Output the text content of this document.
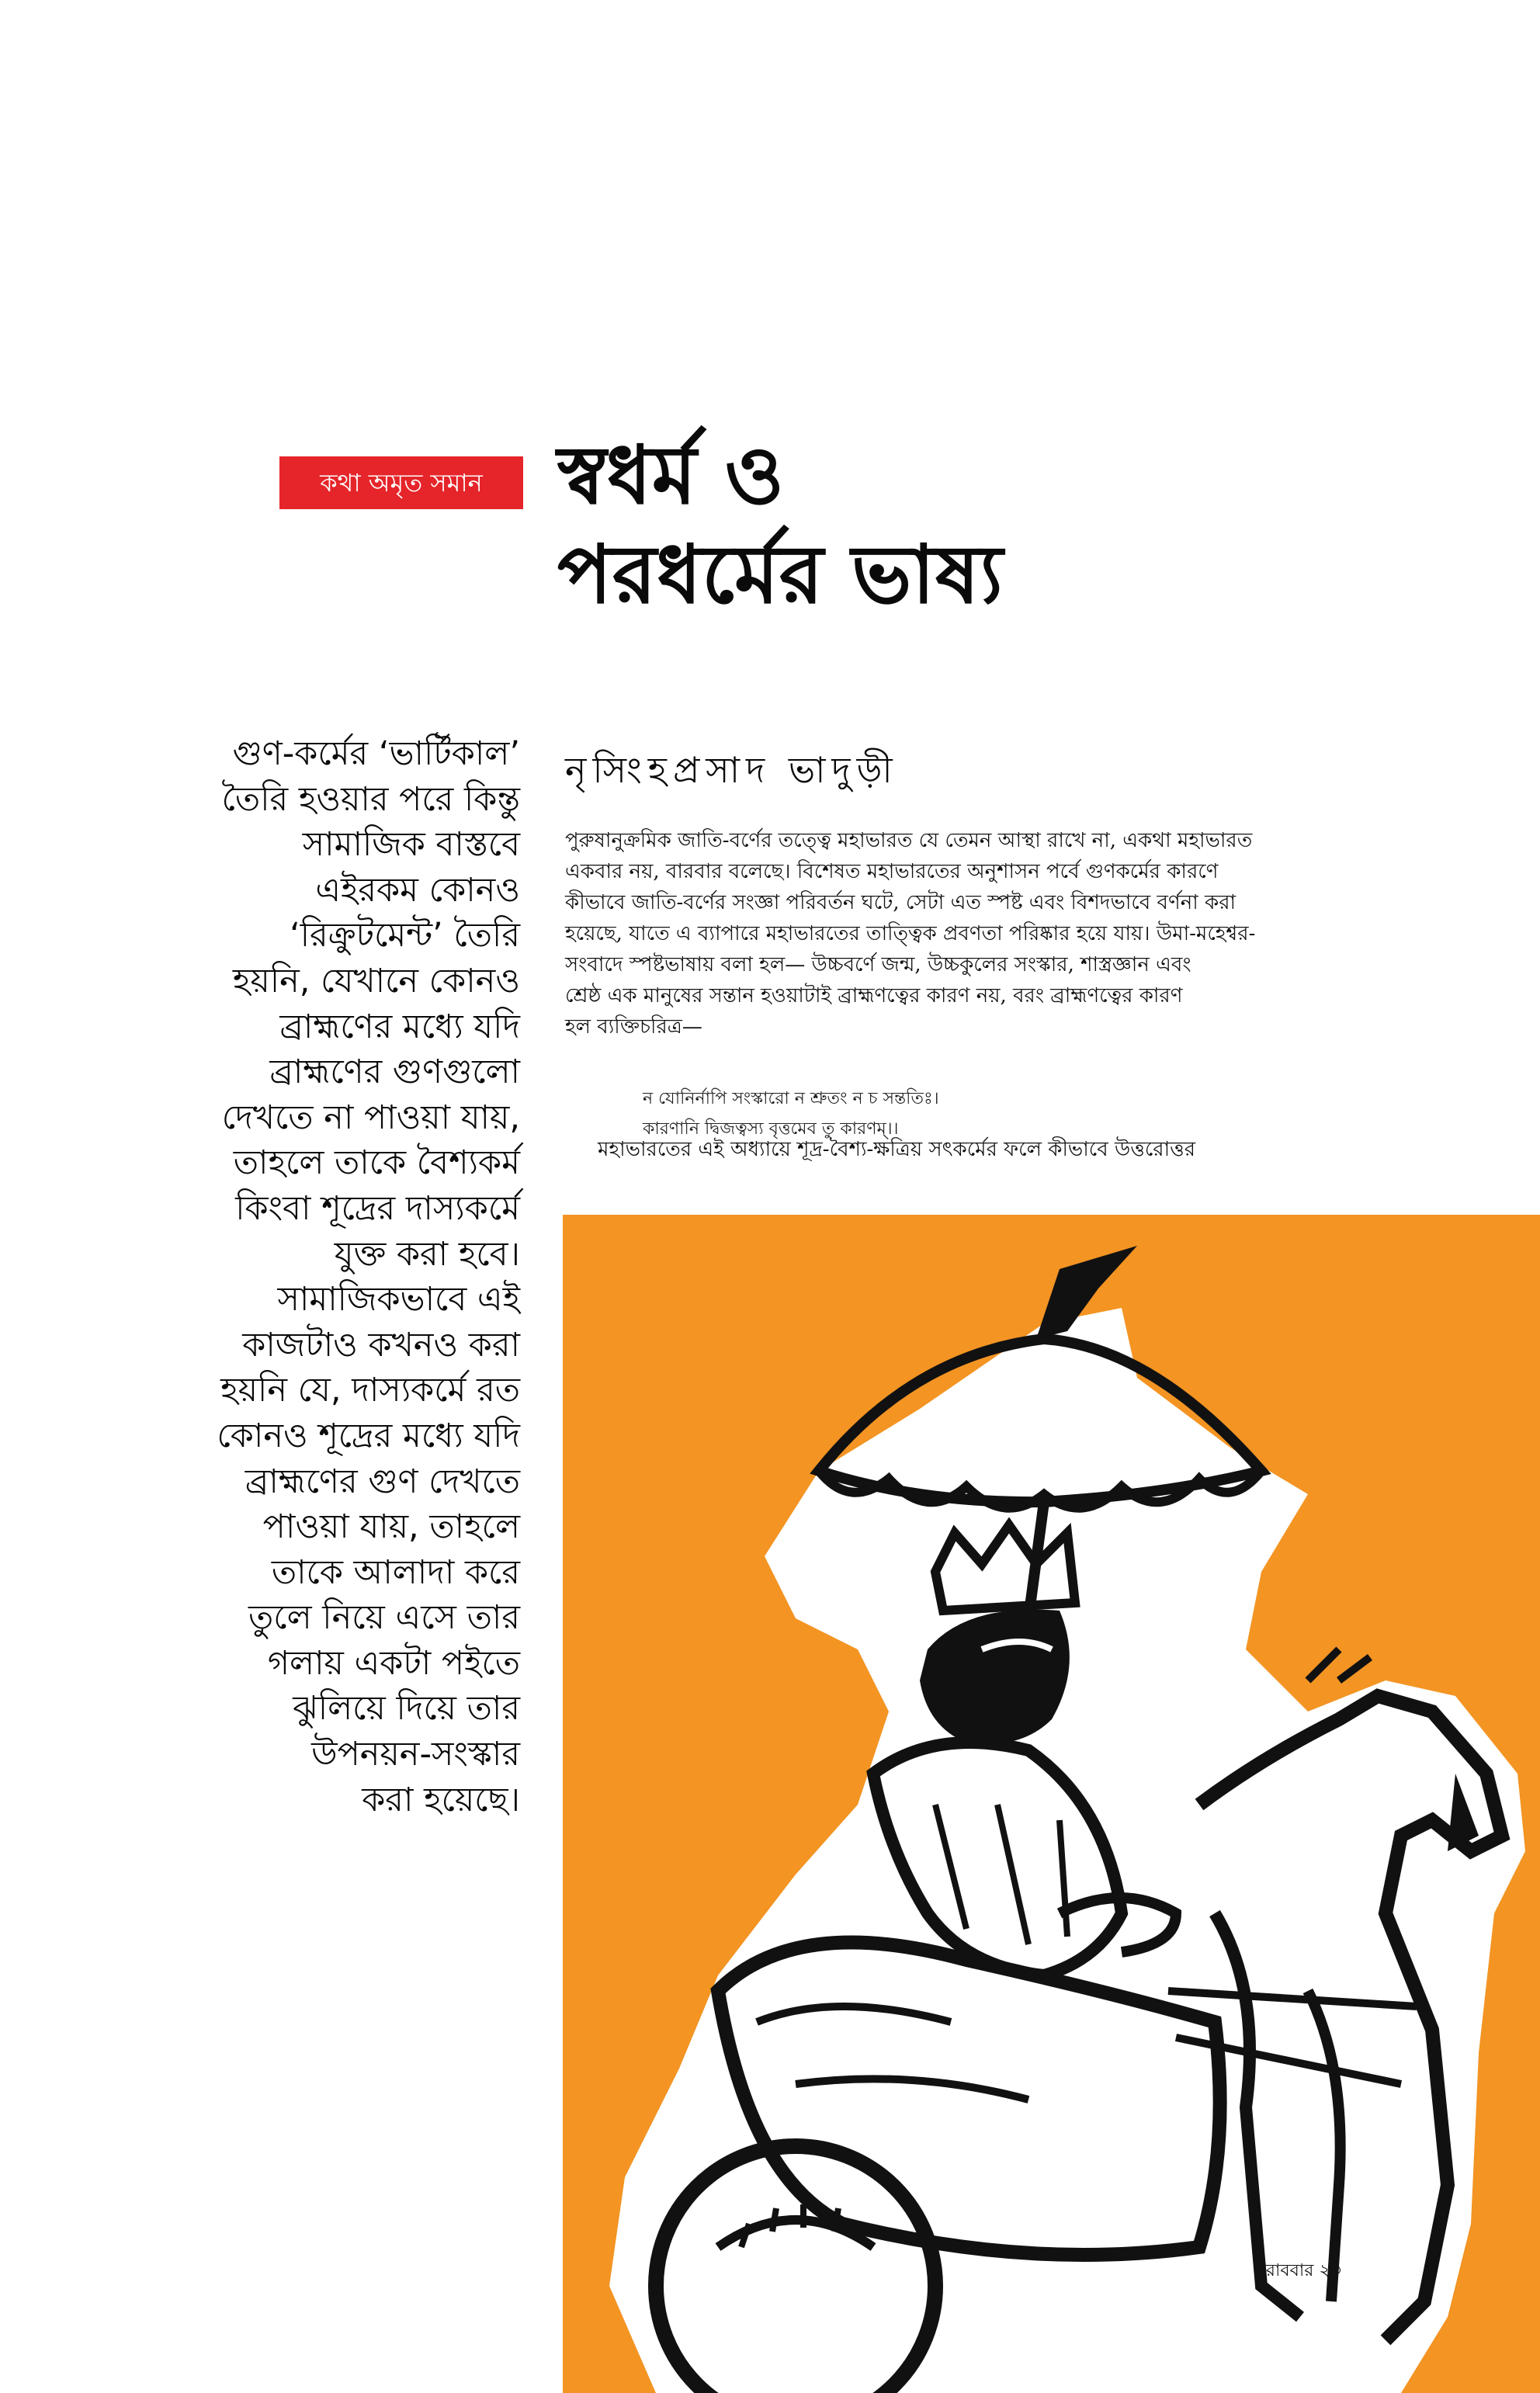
কথা অমৃত সমান স্বধর্ম ও
পরধর্মের ভাষ্য
গুণ-কর্মের ‘ভার্টিকাল’
তৈরি হওয়ার পরে কিন্তু
সামাজিক বাস্তবে
এইরকম কোনও
‘রিক্রুটমেন্ট’ তৈরি
হয়নি, যেখানে কোনও
ব্রাহ্মণের মধ্যে যদি
ব্রাহ্মণের গুণগুলো
দেখতে না পাওয়া যায়,
তাহলে তাকে বৈশ্যকর্ম
কিংবা শূদ্রের দাস্যকর্মে
যুক্ত করা হবে।
সামাজিকভাবে এই
কাজটাও কখনও করা
হয়নি যে, দাস্যকর্মে রত
কোনও শূদ্রের মধ্যে যদি
ব্রাহ্মণের গুণ দেখতে
পাওয়া যায়, তাহলে
তাকে আলাদা করে
তুলে নিয়ে এসে তার
গলায় একটা পইতে
ঝুলিয়ে দিয়ে তার
উপনয়ন-সংস্কার
করা হয়েছে।
নৃসিংহপ্রসাদ ভাদুড়ী
পুরুষানুক্রমিক জাতি-বর্ণের তত্ত্বে মহাভারত যে তেমন আস্থা রাখে না, একথা মহাভারত
একবার নয়, বারবার বলেছে। বিশেষত মহাভারতের অনুশাসন পর্বে গুণকর্মের কারণে
কীভাবে জাতি-বর্ণের সংজ্ঞা পরিবর্তন ঘটে, সেটা এত স্পষ্ট এবং বিশদভাবে বর্ণনা করা
হয়েছে, যাতে এ ব্যাপারে মহাভারতের তাত্ত্বিক প্রবণতা পরিষ্কার হয়ে যায়। উমা-মহেশ্বর-
সংবাদে স্পষ্টভাষায় বলা হল— উচ্চবর্ণে জন্ম, উচ্চকুলের সংস্কার, শাস্ত্রজ্ঞান এবং
শ্রেষ্ঠ এক মানুষের সন্তান হওয়াটাই ব্রাহ্মণত্বের কারণ নয়, বরং ব্রাহ্মণত্বের কারণ
হল ব্যক্তিচরিত্র—
ন যোনির্নাপি সংস্কারো ন শ্রুতং ন চ সন্ততিঃ।
কারণানি দ্বিজত্বস্য বৃত্তমেব তু কারণম্।।
মহাভারতের এই অধ্যায়ে শূদ্র-বৈশ্য-ক্ষত্রিয় সৎকর্মের ফলে কীভাবে উত্তরোত্তর
রোববার ২৩
